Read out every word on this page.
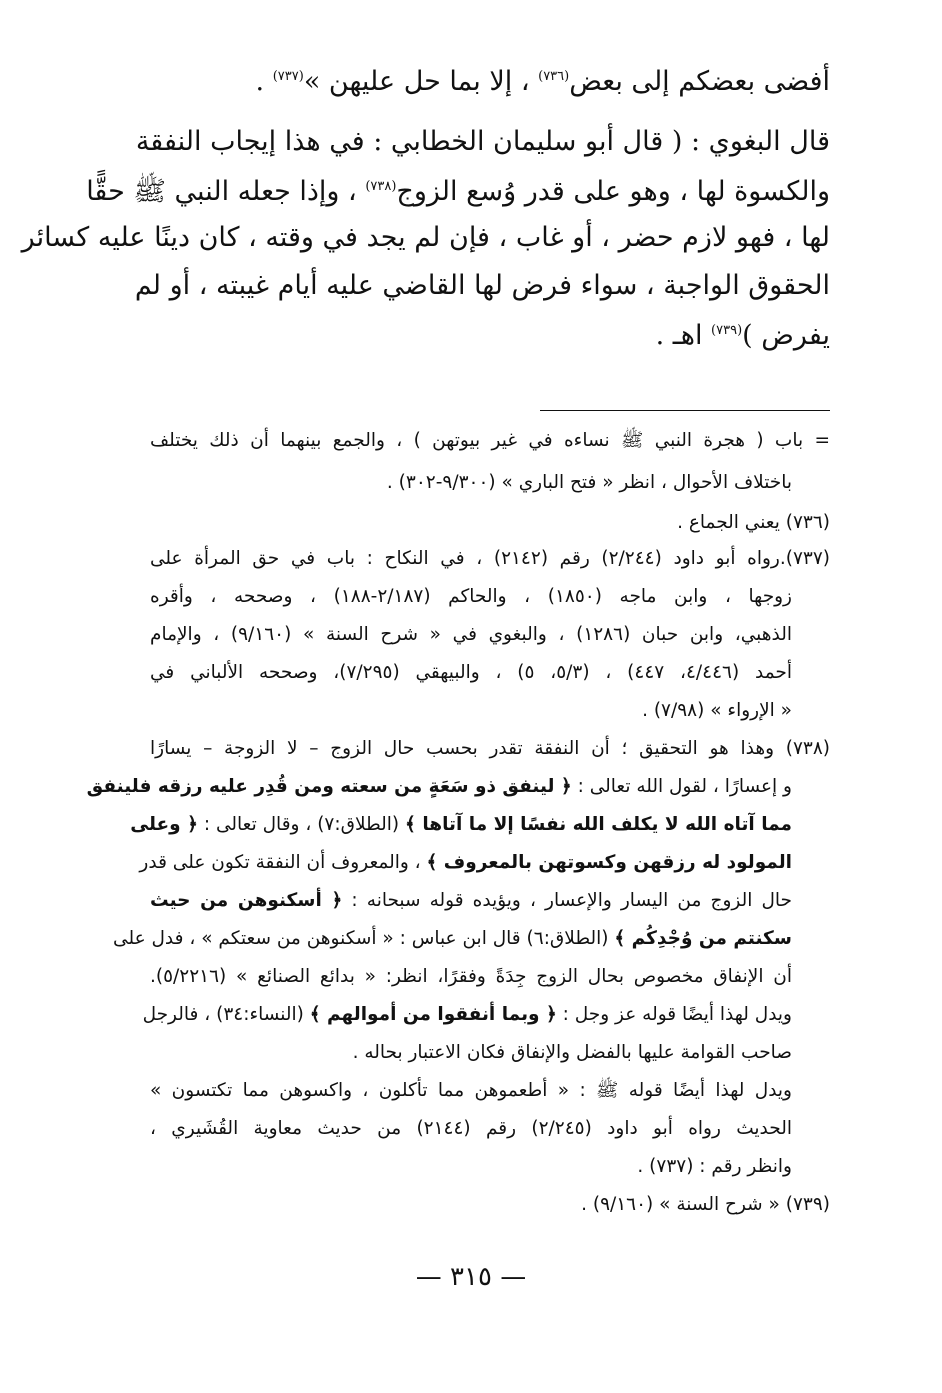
أفضى بعضكم إلى بعض$^{(٧٣٦)}$ ، إلا بما حل عليهن »$^{(٧٣٧)}$ .
قال البغوي : ( قال أبو سليمان الخطابي : في هذا إيجاب النفقة
والكسوة لها ، وهو على قدر وُسع الزوج$^{(٧٣٨)}$ ، وإذا جعله النبي ﷺ حقًّا
لها ، فهو لازم حضر ، أو غاب ، فإن لم يجد في وقته ، كان دينًا عليه كسائر
الحقوق الواجبة ، سواء فرض لها القاضي عليه أيام غيبته ، أو لم
يفرض )$^{(٧٣٩)}$ اهـ .
= باب ( هجرة النبي ﷺ نساءه في غير بيوتهن ) ، والجمع بينهما أن ذلك يختلف
باختلاف الأحوال ، انظر « فتح الباري » (٩/٣٠٠-٣٠٢) .
(٧٣٦) يعني الجماع .
(٧٣٧).رواه أبو داود (٢/٢٤٤) رقم (٢١٤٢) ، في النكاح : باب في حق المرأة على
زوجها ، وابن ماجه (١٨٥٠) ، والحاكم (٢/١٨٧-١٨٨) ، وصححه ، وأقره
الذهبي، وابن حبان (١٢٨٦) ، والبغوي في « شرح السنة » (٩/١٦٠) ، والإمام
أحمد (٤/٤٤٦، ٤٤٧) ، (٥/٣، ٥) ، والبيهقي (٧/٢٩٥)، وصححه الألباني في
« الإرواء » (٧/٩٨) .
(٧٣٨) وهذا هو التحقيق ؛ أن النفقة تقدر بحسب حال الزوج – لا الزوجة – يسارًا
و إعسارًا ، لقول الله تعالى : ﴿ لينفق ذو سَعَةٍ من سعته ومن قُدِر عليه رزقه فلينفق
مما آتاه الله لا يكلف الله نفسًا إلا ما آتاها ﴾ (الطلاق:٧) ، وقال تعالى : ﴿ وعلى
المولود له رزقهن وكسوتهن بالمعروف ﴾ ، والمعروف أن النفقة تكون على قدر
حال الزوج من اليسار والإعسار ، ويؤيده قوله سبحانه : ﴿ أسكنوهن من حيث
سكنتم من وُجْدِكُم ﴾ (الطلاق:٦) قال ابن عباس : « أسكنوهن من سعتكم » ، فدل على
أن الإنفاق مخصوص بحال الزوج جِدَةً وفقرًا، انظر: « بدائع الصنائع » (٥/٢٢١٦).
ويدل لهذا أيضًا قوله عز وجل : ﴿ وبما أنفقوا من أموالهم ﴾ (النساء:٣٤) ، فالرجل
صاحب القوامة عليها بالفضل والإنفاق فكان الاعتبار بحاله .
ويدل لهذا أيضًا قوله ﷺ : « أطعموهن مما تأكلون ، واكسوهن مما تكتسون »
الحديث رواه أبو داود (٢/٢٤٥) رقم (٢١٤٤) من حديث معاوية القُشَيري ،
وانظر رقم : (٧٣٧) .
(٧٣٩) « شرح السنة » (٩/١٦٠) .
— ٣١٥ —
